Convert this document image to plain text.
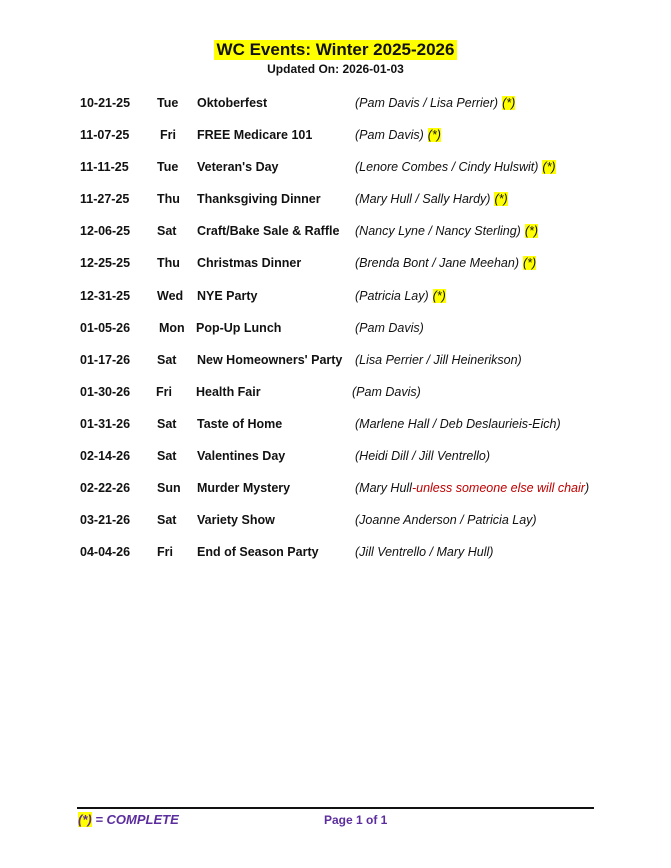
WC Events: Winter 2025-2026
Updated On: 2026-01-03
10-21-25 Tue Oktoberfest	(Pam Davis / Lisa Perrier) (*)
11-07-25 Fri FREE Medicare 101	(Pam Davis) (*)
11-11-25 Tue Veteran's Day	(Lenore Combes / Cindy Hulswit) (*)
11-27-25 Thu Thanksgiving Dinner	(Mary Hull / Sally Hardy) (*)
12-06-25 Sat Craft/Bake Sale & Raffle (Nancy Lyne / Nancy Sterling) (*)
12-25-25 Thu Christmas Dinner	(Brenda Bont / Jane Meehan) (*)
12-31-25 Wed NYE Party	(Patricia Lay) (*)
01-05-26 Mon Pop-Up Lunch	(Pam Davis)
01-17-26 Sat New Homeowners' Party (Lisa Perrier / Jill Heinerikson)
01-30-26 Fri Health Fair	(Pam Davis)
01-31-26 Sat Taste of Home	(Marlene Hall / Deb Deslaurieis-Eich)
02-14-26 Sat Valentines Day	(Heidi Dill / Jill Ventrello)
02-22-26 Sun Murder Mystery	(Mary Hull-unless someone else will chair)
03-21-26 Sat Variety Show	(Joanne Anderson / Patricia Lay)
04-04-26 Fri End of Season Party	(Jill Ventrello / Mary Hull)
(*) = COMPLETE	Page 1 of 1
